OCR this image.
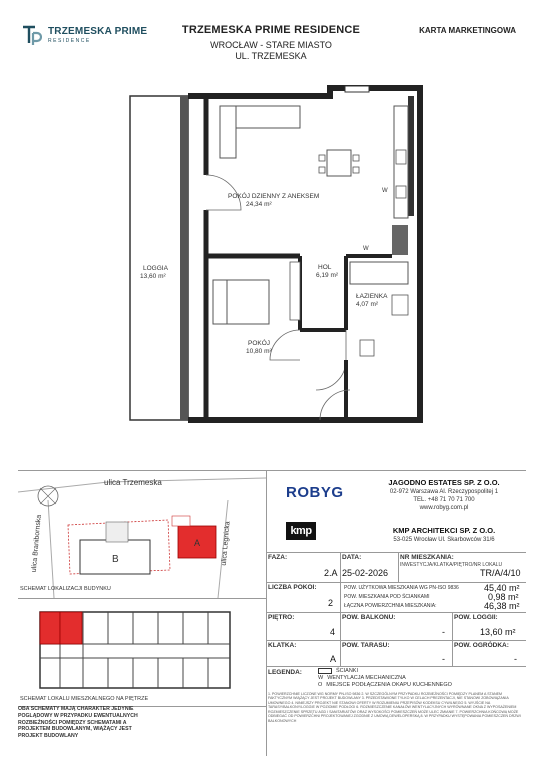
TRZEMESKA PRIME
RESIDENCE
TRZEMESKA PRIME RESIDENCE
WROCŁAW - STARE MIASTO
UL. TRZEMESKA
KARTA MARKETINGOWA
W
W
POKÓJ DZIENNY Z ANEKSEM
24,34 m²
LOGGIA
13,60 m²
HOL
6,19 m²
ŁAZIENKA
4,07 m²
POKÓJ
10,80 m²
ulica Trzemeska
ulica Branibornska	ulica Legnicka
B
A
SCHEMAT LOKALIZACJI BUDYNKU
SCHEMAT LOKALU MIESZKALNEGO NA PIĘTRZE
OBA SCHEMATY MAJĄ CHARAKTER JEDYNIE POGLĄDOWY W PRZYPADKU EWENTUALNYCH ROZBIEŻNOŚCI POMIĘDZY SCHEMATAMI A PROJEKTEM BUDOWLANYM, WIĄŻĄCY JEST PROJEKT BUDOWLANY
ROBYG
JAGODNO ESTATES SP. Z O.O.
02-972 Warszawa Al. Rzeczypospolitej 1
TEL. +48 71 70 71 700
www.robyg.com.pl
kmp	KMP ARCHITEKCI SP. Z O.O.
53-025 Wrocław Ul. Skarbowców 31/6
FAZA:
2.A
DATA:
25-02-2026
NR MIESZKANIA:
INWESTYCJA/KLATKA/PIĘTRO/NR LOKALU
TR/A/4/10
LICZBA POKOI:
2
POW. UŻYTKOWA MIESZKANIA WG PN-ISO 9836	45,40 m²
POW. MIESZKANIA POD ŚCIANKAMI	0,98 m²
ŁĄCZNA POWIERZCHNIA MIESZKANIA:	46,38 m²
PIĘTRO:
4
POW. BALKONU:
-
POW. LOGGII:
13,60 m²
KLATKA:
A
POW. TARASU:
-
POW. OGRÓDKA:
-
LEGENDA:	ŚCIANKI
W WENTYLACJA MECHANICZNA
O MIEJSCE PODŁĄCZENIA OKAPU KUCHENNEGO
1. POWIERZCHNIE LICZONE WG NORMY PN-ISO 9836 2. W SZCZEGÓLNYM PRZYPADKU ROZBIEŻNOŚCI POMIĘDZY PLANEM A STANEM FAKTYCZNYM WIĄŻĄCY JEST PROJEKT BUDOWLANY 3. PRZEDSTAWIONE TYLKO W CELACH PREZENTACJI, NIE STANOWI ZOBOWIĄZANIA UMOWNEGO 4. NINIEJSZY PROJEKT NIE STANOWI OFERTY W ROZUMIENIU PRZEPISÓW KODEKSU CYWILNEGO 5. WYJŚCIE NA TARASY/BALKONY/LOGGIE W POZIOMIE PODŁOGI 6. ROZMIESZCZENIE KANAŁÓW WENTYLACYJNYCH WYRÓWNANE OKNA Z WYPOSAŻENIEM ROZMIESZCZENIE SPRZĘTU AGD I SANITARIATÓW ORAZ WYSOKOŚCI POMIESZCZEŃ MOŻE ULEC ZMIANIE 7. POWIERZCHNIA KOŃCOWA MOŻE ODBIEGAĆ OD POWIERZCHNI PROJEKTOWANEJ ZGODNIE Z UMOWĄ DEWELOPERSKĄ 8. W PRZYPADKU WYSTĘPOWANIA POMIESZCZEŃ DRZWI BALKONOWYCH
